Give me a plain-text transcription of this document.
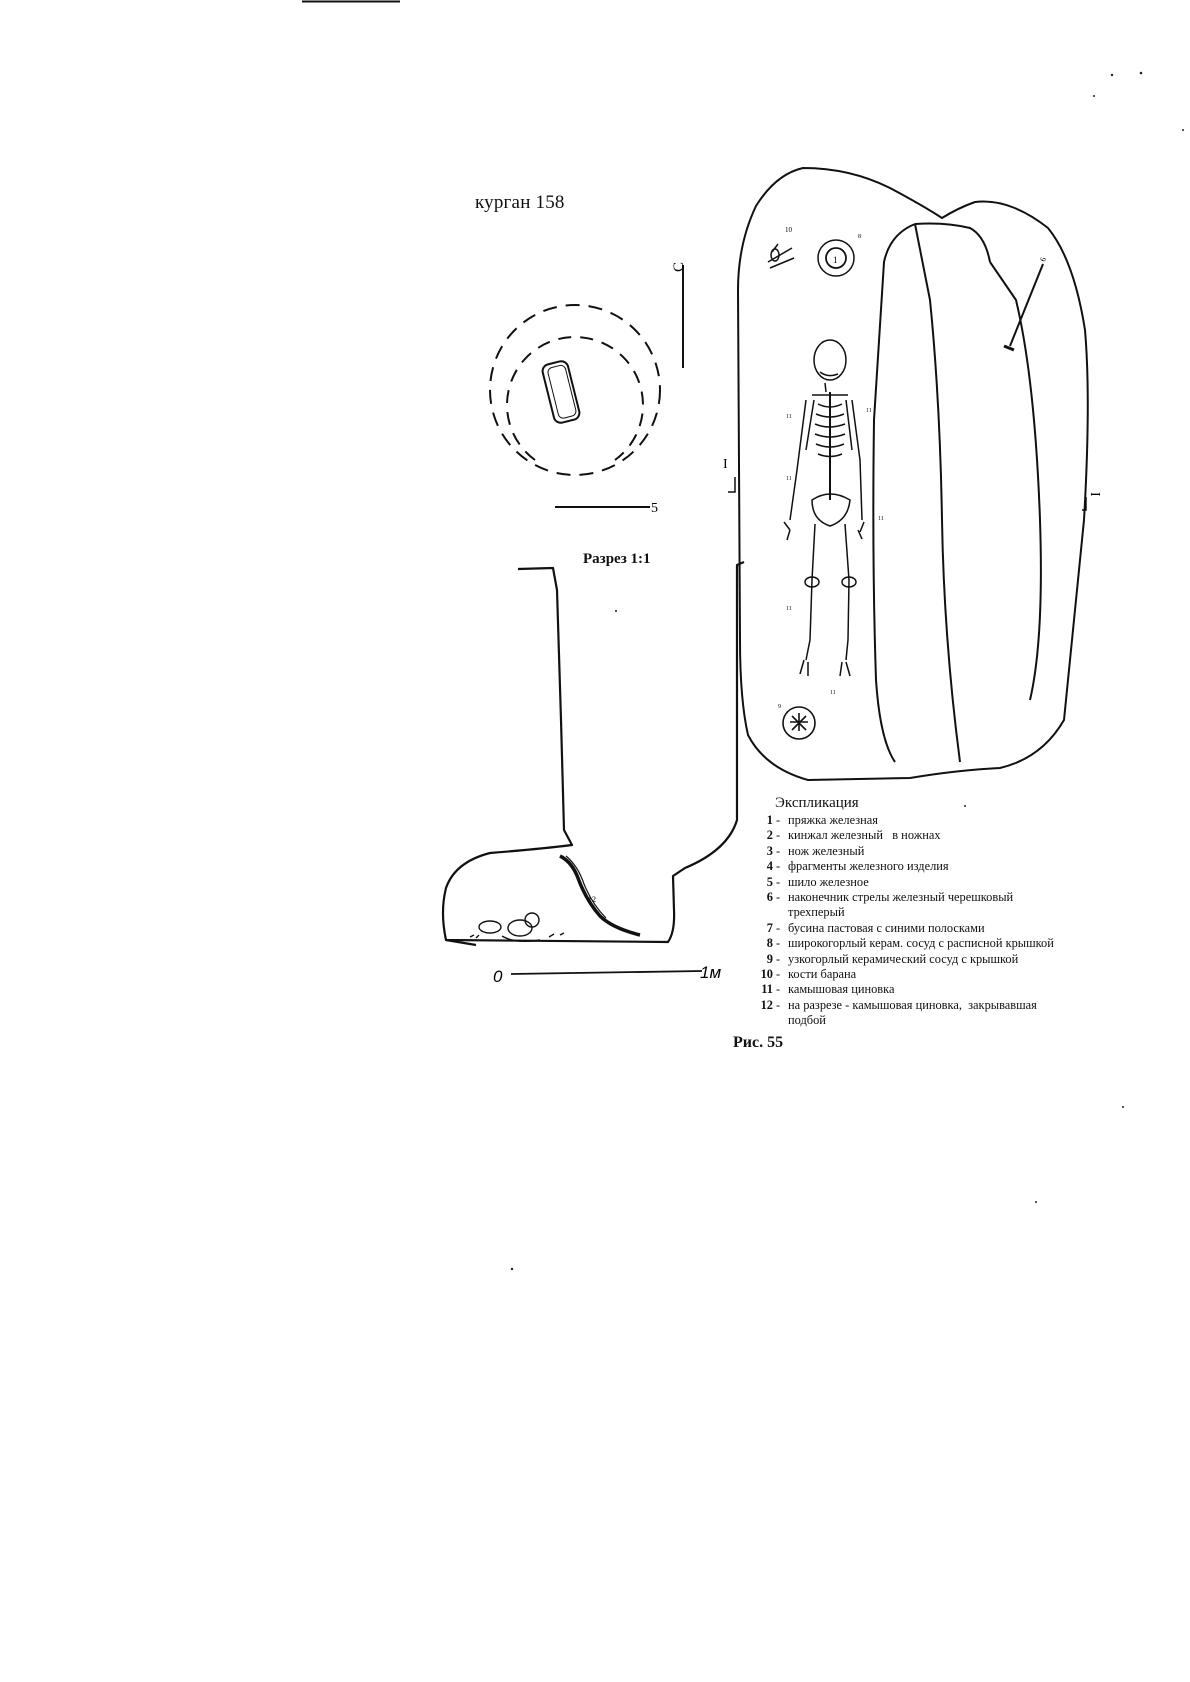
С
5
12
0	1м
I
I
1
10
8
6
11
11
11
11
11
11
9
курган 158
Разрез 1:1
Экспликация
1 - пряжка железная
2 - кинжал железный   в ножнах
3 - нож железный
4 - фрагменты железного изделия
5 - шило железное
6 - наконечник стрелы железный черешковый
трехперый
7 - бусина пастовая с синими полосками
8 - широкогорлый керам. сосуд с расписной крышкой
9 - узкогорлый керамический сосуд с крышкой
10 - кости барана
11 - камышовая циновка
12 - на разрезе - камышовая циновка,  закрывавшая
подбой
Рис. 55
